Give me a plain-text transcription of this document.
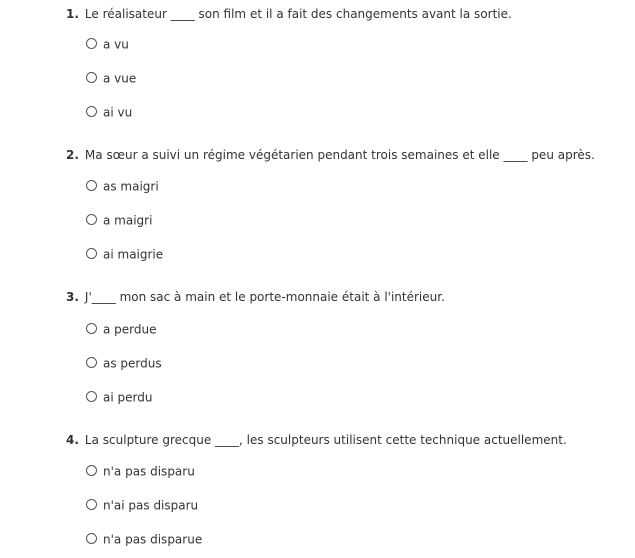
1. Le réalisateur ____ son film et il a fait des changements avant la sortie.
a vu
a vue
ai vu
2. Ma sœur a suivi un régime végétarien pendant trois semaines et elle ____ peu après.
as maigri
a maigri
ai maigrie
3. J'____ mon sac à main et le porte-monnaie était à l'intérieur.
a perdue
as perdus
ai perdu
4. La sculpture grecque ____, les sculpteurs utilisent cette technique actuellement.
n'a pas disparu
n'ai pas disparu
n'a pas disparue
